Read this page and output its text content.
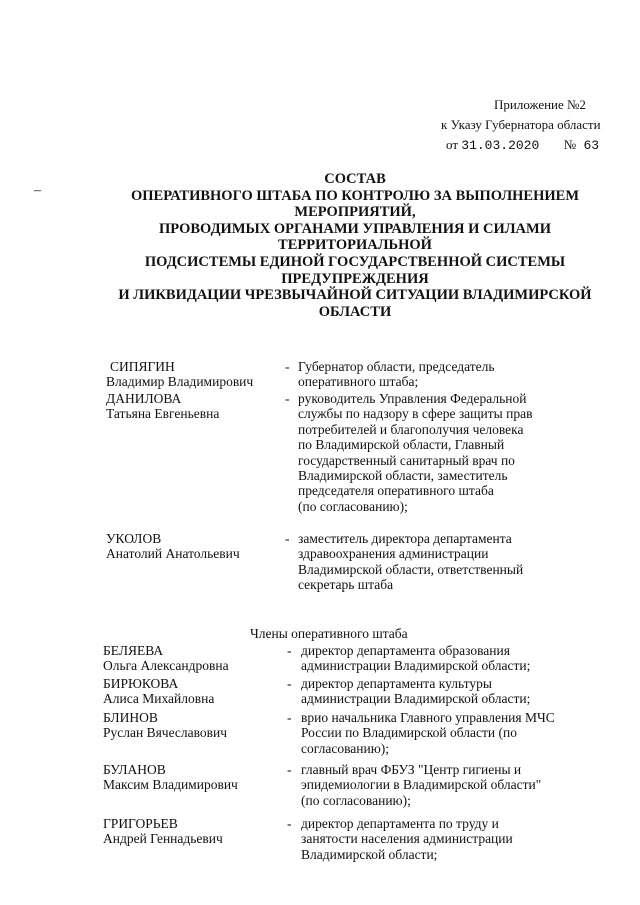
Приложение №2
к Указу Губернатора области
от 31.03.2020 № 63
–
СОСТАВ
ОПЕРАТИВНОГО ШТАБА ПО КОНТРОЛЮ ЗА ВЫПОЛНЕНИЕМ
МЕРОПРИЯТИЙ,
ПРОВОДИМЫХ ОРГАНАМИ УПРАВЛЕНИЯ И СИЛАМИ
ТЕРРИТОРИАЛЬНОЙ
ПОДСИСТЕМЫ ЕДИНОЙ ГОСУДАРСТВЕННОЙ СИСТЕМЫ
ПРЕДУПРЕЖДЕНИЯ
И ЛИКВИДАЦИИ ЧРЕЗВЫЧАЙНОЙ СИТУАЦИИ ВЛАДИМИРСКОЙ
ОБЛАСТИ
СИПЯГИН
Владимир Владимирович
- Губернатор области, председатель
оперативного штаба;
ДАНИЛОВА
Татьяна Евгеньевна
- руководитель Управления Федеральной
службы по надзору в сфере защиты прав
потребителей и благополучия человека
по Владимирской области, Главный
государственный санитарный врач по
Владимирской области, заместитель
председателя оперативного штаба
(по согласованию);
УКОЛОВ
Анатолий Анатольевич
- заместитель директора департамента
здравоохранения администрации
Владимирской области, ответственный
секретарь штаба
Члены оперативного штаба
БЕЛЯЕВА
Ольга Александровна
- директор департамента образования
администрации Владимирской области;
БИРЮКОВА
Алиса Михайловна
- директор департамента культуры
администрации Владимирской области;
БЛИНОВ
Руслан Вячеславович
- врио начальника Главного управления МЧС
России по Владимирской области (по
согласованию);
БУЛАНОВ
Максим Владимирович
- главный врач ФБУЗ "Центр гигиены и
эпидемиологии в Владимирской области"
(по согласованию);
ГРИГОРЬЕВ
Андрей Геннадьевич
- директор департамента по труду и
занятости населения администрации
Владимирской области;
